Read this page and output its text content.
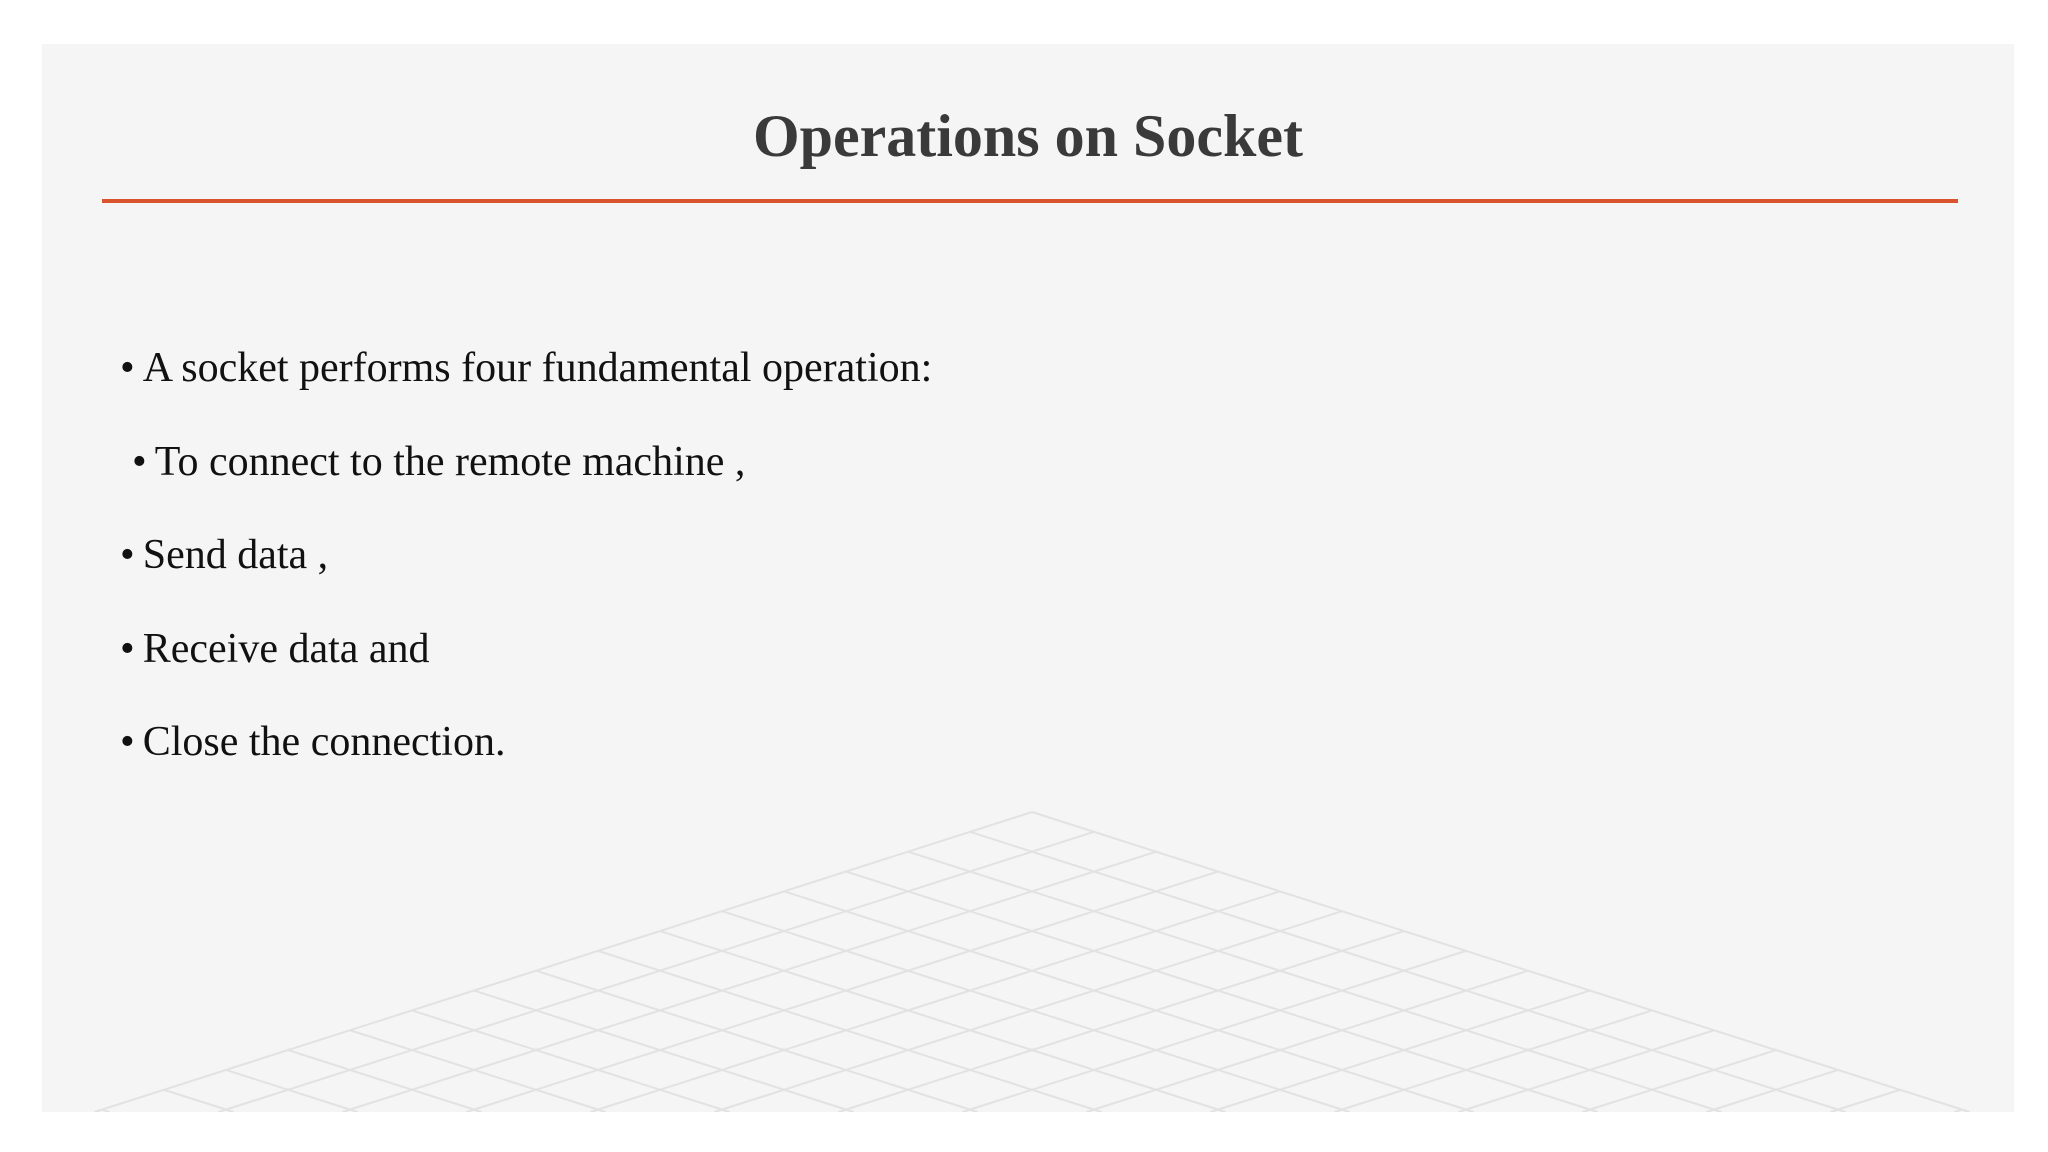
Operations on Socket
• A socket performs four fundamental operation:
• To connect to the remote machine ,
• Send data ,
• Receive data and
• Close the connection.
